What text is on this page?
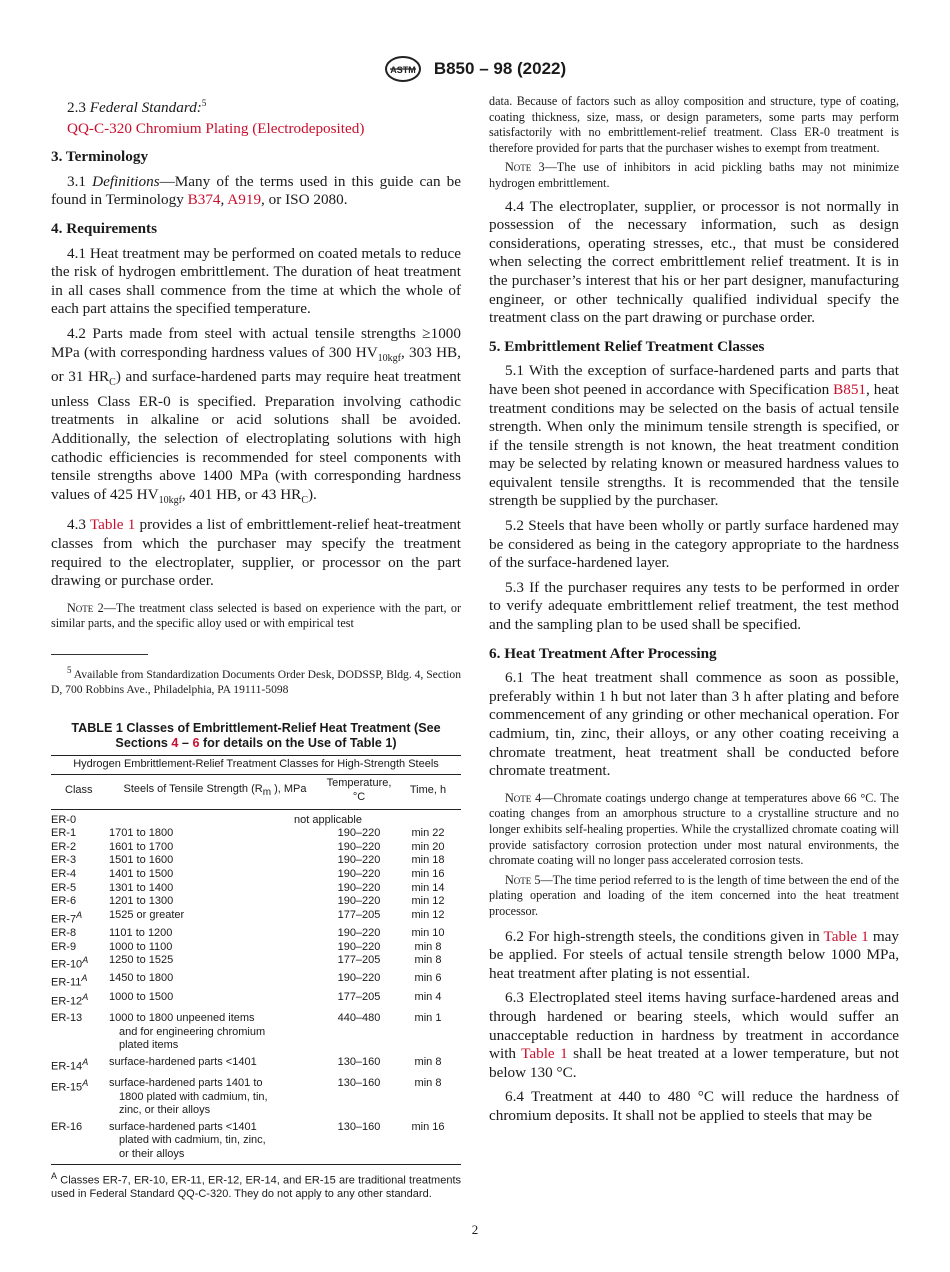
ASTM B850 – 98 (2022)

2.3 Federal Standard:$^5$

QQ-C-320 Chromium Plating (Electrodeposited)

3. Terminology

3.1 Definitions—Many of the terms used in this guide can be found in Terminology B374, A919, or ISO 2080.

4. Requirements

4.1 Heat treatment may be performed on coated metals to reduce the risk of hydrogen embrittlement. The duration of heat treatment in all cases shall commence from the time at which the whole of each part attains the specified temperature.

4.2 Parts made from steel with actual tensile strengths ≥1000 MPa (with corresponding hardness values of 300 $HV_{10kgf}$, 303 HB, or 31 $HR_C$) and surface-hardened parts may require heat treatment unless Class ER-0 is specified. Preparation involving cathodic treatments in alkaline or acid solutions shall be avoided. Additionally, the selection of electroplating solutions with high cathodic efficiencies is recommended for steel components with tensile strengths above 1400 MPa (with corresponding hardness values of 425 $HV_{10kgf}$, 401 HB, or 43 $HR_C$).

4.3 Table 1 provides a list of embrittlement-relief heat-treatment classes from which the purchaser may specify the treatment required to the electroplater, supplier, or processor on the part drawing or purchase order.

Note 2—The treatment class selected is based on experience with the part, or similar parts, and the specific alloy used or with empirical test

$^5$ Available from Standardization Documents Order Desk, DODSSP, Bldg. 4, Section D, 700 Robbins Ave., Philadelphia, PA 19111-5098

TABLE 1 Classes of Embrittlement-Relief Heat Treatment (See Sections 4 – 6 for details on the Use of Table 1)
Hydrogen Embrittlement-Relief Treatment Classes for High-Strength Steels			
Class	Steels of Tensile Strength ($R_m$ ), MPa	Temperature, °C	Time, h
ER-0	not applicable		
ER-1	1701 to 1800	190–220	min 22
ER-2	1601 to 1700	190–220	min 20
ER-3	1501 to 1600	190–220	min 18
ER-4	1401 to 1500	190–220	min 16
ER-5	1301 to 1400	190–220	min 14
ER-6	1201 to 1300	190–220	min 12
$ER-7^A$	1525 or greater	177–205	min 12
ER-8	1101 to 1200	190–220	min 10
ER-9	1000 to 1100	190–220	min 8
$ER-10^A$	1250 to 1525	177–205	min 8
$ER-11^A$	1450 to 1800	190–220	min 6
$ER-12^A$	1000 to 1500	177–205	min 4
ER-13	1000 to 1800 unpeened items
and for engineering chromium
plated items	440–480	min 1
$ER-14^A$	surface-hardened parts <1401	130–160	min 8
$ER-15^A$	surface-hardened parts 1401 to
1800 plated with cadmium, tin,
zinc, or their alloys	130–160	min 8
ER-16	surface-hardened parts <1401
plated with cadmium, tin, zinc,
or their alloys	130–160	min 16
$^A$ Classes ER-7, ER-10, ER-11, ER-12, ER-14, and ER-15 are traditional treatments used in Federal Standard QQ-C-320. They do not apply to any other standard.

data. Because of factors such as alloy composition and structure, type of coating, coating thickness, size, mass, or design parameters, some parts may perform satisfactorily with no embrittlement-relief treatment. Class ER-0 treatment is therefore provided for parts that the purchaser wishes to exempt from treatment.

Note 3—The use of inhibitors in acid pickling baths may not minimize hydrogen embrittlement.

4.4 The electroplater, supplier, or processor is not normally in possession of the necessary information, such as design considerations, operating stresses, etc., that must be considered when selecting the correct embrittlement relief treatment. It is in the purchaser’s interest that his or her part designer, manufacturing engineer, or other technically qualified individual specify the treatment class on the part drawing or purchase order.

5. Embrittlement Relief Treatment Classes

5.1 With the exception of surface-hardened parts and parts that have been shot peened in accordance with Specification B851, heat treatment conditions may be selected on the basis of actual tensile strength. When only the minimum tensile strength is specified, or if the tensile strength is not known, the heat treatment condition may be selected by relating known or measured hardness values to equivalent tensile strengths. It is recommended that the tensile strength be supplied by the purchaser.

5.2 Steels that have been wholly or partly surface hardened may be considered as being in the category appropriate to the hardness of the surface-hardened layer.

5.3 If the purchaser requires any tests to be performed in order to verify adequate embrittlement relief treatment, the test method and the sampling plan to be used shall be specified.

6. Heat Treatment After Processing

6.1 The heat treatment shall commence as soon as possible, preferably within 1 h but not later than 3 h after plating and before commencement of any grinding or other mechanical operation. For cadmium, tin, zinc, their alloys, or any other coating receiving a chromate treatment, heat treatment shall be conducted before chromate treatment.

Note 4—Chromate coatings undergo change at temperatures above 66 °C. The coating changes from an amorphous structure to a crystalline structure and no longer exhibits self-healing properties. While the crystallized chromate coating will provide satisfactory corrosion protection under most natural environments, the chromate coating will no longer pass accelerated corrosion tests.

Note 5—The time period referred to is the length of time between the end of the plating operation and loading of the item concerned into the heat treatment processor.

6.2 For high-strength steels, the conditions given in Table 1 may be applied. For steels of actual tensile strength below 1000 MPa, heat treatment after plating is not essential.

6.3 Electroplated steel items having surface-hardened areas and through hardened or bearing steels, which would suffer an unacceptable reduction in hardness by treatment in accordance with Table 1 shall be heat treated at a lower temperature, but not below 130 °C.

6.4 Treatment at 440 to 480 °C will reduce the hardness of chromium deposits. It shall not be applied to steels that may be

2
